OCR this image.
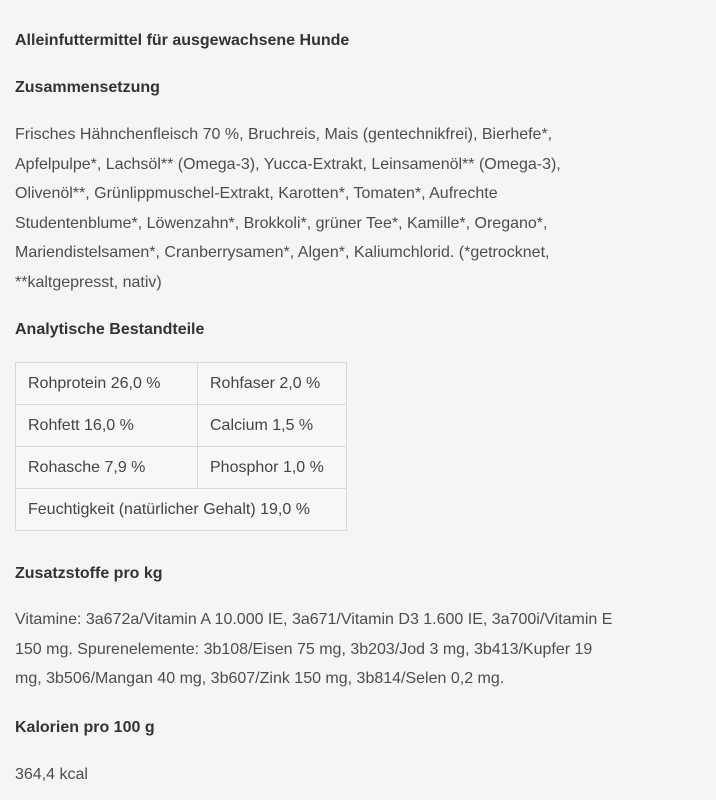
Alleinfuttermittel für ausgewachsene Hunde
Zusammensetzung
Frisches Hähnchenfleisch 70 %, Bruchreis, Mais (gentechnikfrei), Bierhefe*,
Apfelpulpe*, Lachsöl** (Omega-3), Yucca-Extrakt, Leinsamenöl** (Omega-3),
Olivenöl**, Grünlippmuschel-Extrakt, Karotten*, Tomaten*, Aufrechte
Studentenblume*, Löwenzahn*, Brokkoli*, grüner Tee*, Kamille*, Oregano*,
Mariendistelsamen*, Cranberrysamen*, Algen*, Kaliumchlorid. (*getrocknet,
**kaltgepresst, nativ)
Analytische Bestandteile
Rohprotein 26,0 %	Rohfaser 2,0 %
Rohfett 16,0 %	Calcium 1,5 %
Rohasche 7,9 %	Phosphor 1,0 %
Feuchtigkeit (natürlicher Gehalt) 19,0 %	
Zusatzstoffe pro kg
Vitamine: 3a672a/Vitamin A 10.000 IE, 3a671/Vitamin D3 1.600 IE, 3a700i/Vitamin E
150 mg. Spurenelemente: 3b108/Eisen 75 mg, 3b203/Jod 3 mg, 3b413/Kupfer 19
mg, 3b506/Mangan 40 mg, 3b607/Zink 150 mg, 3b814/Selen 0,2 mg.
Kalorien pro 100 g
364,4 kcal
